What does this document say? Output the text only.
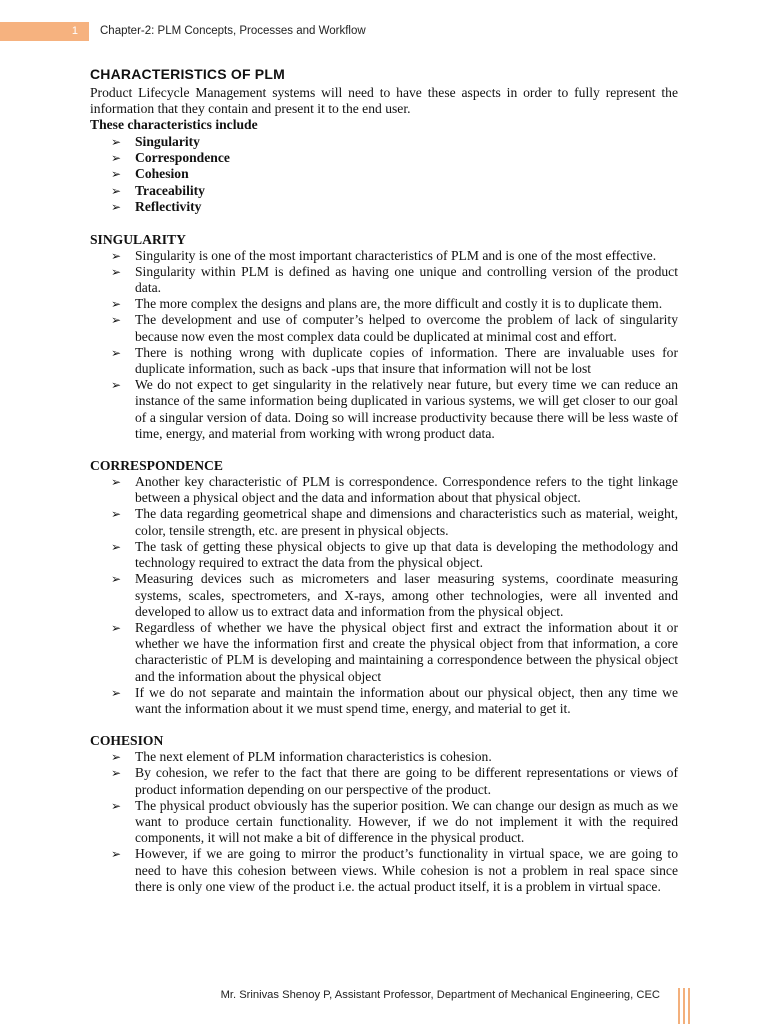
1	Chapter-2: PLM Concepts, Processes and Workflow
CHARACTERISTICS OF PLM

Product Lifecycle Management systems will need to have these aspects in order to fully represent the information that they contain and present it to the end user.

These characteristics include

➢ Singularity
➢ Correspondence
➢ Cohesion
➢ Traceability
➢ Reflectivity
SINGULARITY
➢ Singularity is one of the most important characteristics of PLM and is one of the most effective.
➢ Singularity within PLM is defined as having one unique and controlling version of the product data.
➢ The more complex the designs and plans are, the more difficult and costly it is to duplicate them.
➢ The development and use of computer’s helped to overcome the problem of lack of singularity because now even the most complex data could be duplicated at minimal cost and effort.
➢ There is nothing wrong with duplicate copies of information. There are invaluable uses for duplicate information, such as back -ups that insure that information will not be lost
➢ We do not expect to get singularity in the relatively near future, but every time we can reduce an instance of the same information being duplicated in various systems, we will get closer to our goal of a singular version of data. Doing so will increase productivity because there will be less waste of time, energy, and material from working with wrong product data.
CORRESPONDENCE
➢ Another key characteristic of PLM is correspondence. Correspondence refers to the tight linkage between a physical object and the data and information about that physical object.
➢ The data regarding geometrical shape and dimensions and characteristics such as material, weight, color, tensile strength, etc. are present in physical objects.
➢ The task of getting these physical objects to give up that data is developing the methodology and technology required to extract the data from the physical object.
➢ Measuring devices such as micrometers and laser measuring systems, coordinate measuring systems, scales, spectrometers, and X-rays, among other technologies, were all invented and developed to allow us to extract data and information from the physical object.
➢ Regardless of whether we have the physical object first and extract the information about it or whether we have the information first and create the physical object from that information, a core characteristic of PLM is developing and maintaining a correspondence between the physical object and the information about the physical object
➢ If we do not separate and maintain the information about our physical object, then any time we want the information about it we must spend time, energy, and material to get it.
COHESION
➢ The next element of PLM information characteristics is cohesion.
➢ By cohesion, we refer to the fact that there are going to be different representations or views of product information depending on our perspective of the product.
➢ The physical product obviously has the superior position. We can change our design as much as we want to produce certain functionality. However, if we do not implement it with the required components, it will not make a bit of difference in the physical product.
➢ However, if we are going to mirror the product’s functionality in virtual space, we are going to need to have this cohesion between views. While cohesion is not a problem in real space since there is only one view of the product i.e. the actual product itself, it is a problem in virtual space.
Mr. Srinivas Shenoy P, Assistant Professor, Department of Mechanical Engineering, CEC
